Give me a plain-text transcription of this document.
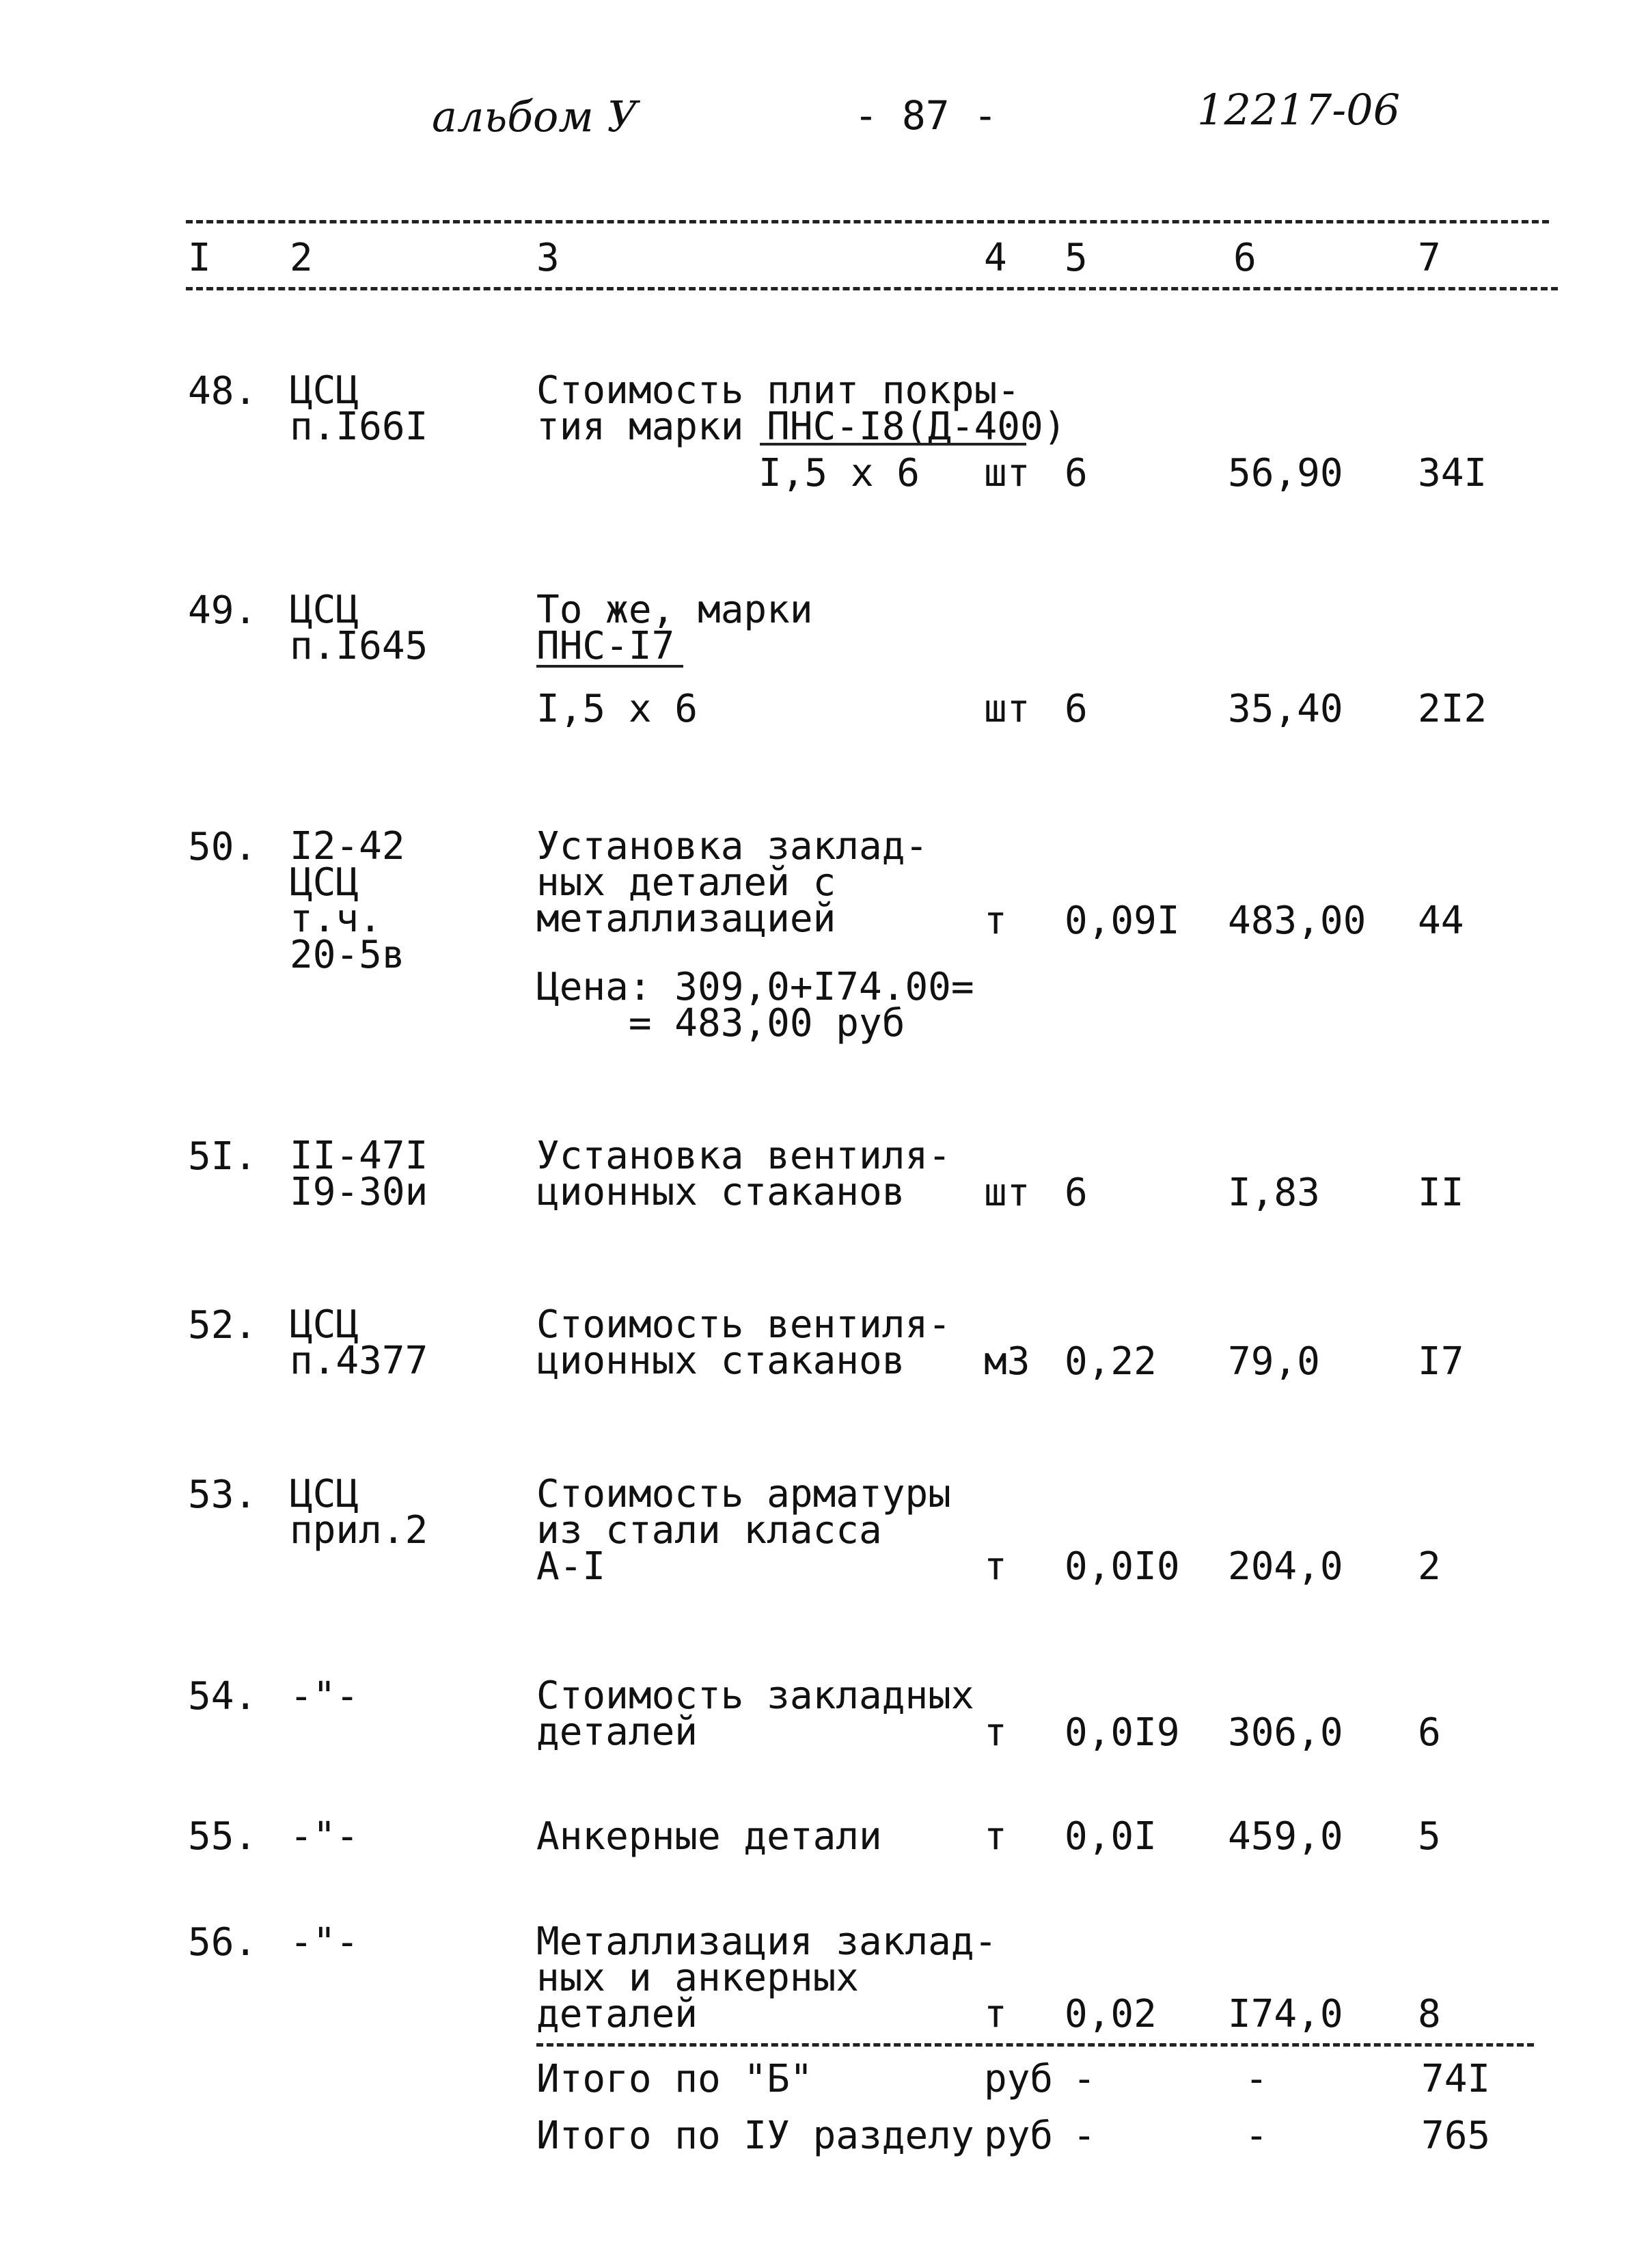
альбом У	- 87 -	12217-06
I 2	3	4 5	6	7
48. ЦСЦ
п.I66I
Стоимость плит покры-
тия марки ПНС-I8(Д-400)
I,5 x 6 шт 6	56,90 34I
49. ЦСЦ
п.I645
То же, марки
ПНС-I7
I,5 x 6	шт 6	35,40 2I2
50. I2-42
ЦСЦ
т.ч.
20-5в
Установка заклад-
ных деталей с
металлизацией	т 0,09I 483,00 44
Цена: 309,0+I74.00=
= 483,00 руб
5I. II-47I
I9-30и
Установка вентиля-
ционных стаканов	шт 6	I,83	II
52. ЦСЦ
п.4377
Стоимость вентиля-
ционных стаканов	м3 0,22 79,0	I7
53. ЦСЦ
прил.2
Стоимость арматуры
из стали класса
А-I	т 0,0I0 204,0 2
54. -"-	Стоимость закладных
деталей	т 0,0I9 306,0 6
55. -"-	Анкерные детали	т 0,0I 459,0 5
56. -"-	Металлизация заклад-
ных и анкерных
деталей	т 0,02 I74,0 8
Итого по "Б"	руб -	-	74I
Итого по IУ разделу руб -	-	765
